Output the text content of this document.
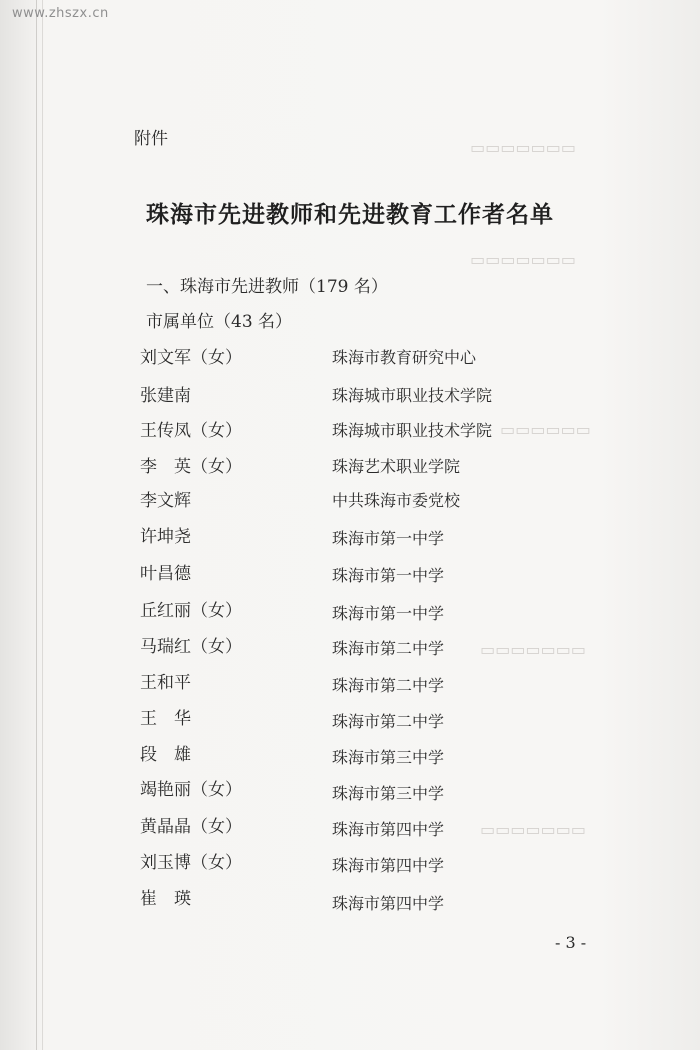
▭▭▭▭▭▭▭
▭▭▭▭▭▭▭
▭▭▭▭▭▭
▭▭▭▭▭▭▭
▭▭▭▭▭▭▭
www.zhszx.cn
附件
珠海市先进教师和先进教育工作者名单
一、珠海市先进教师（179 名）
市属单位（43 名）
刘文军（女）	珠海市教育研究中心
张建南	珠海城市职业技术学院
王传凤（女）	珠海城市职业技术学院
李　英（女）	珠海艺术职业学院
李文辉	中共珠海市委党校
许坤尧	珠海市第一中学
叶昌德	珠海市第一中学
丘红丽（女）	珠海市第一中学
马瑞红（女）	珠海市第二中学
王和平	珠海市第二中学
王　华	珠海市第二中学
段　雄	珠海市第三中学
竭艳丽（女）	珠海市第三中学
黄晶晶（女）	珠海市第四中学
刘玉博（女）	珠海市第四中学
崔　瑛	珠海市第四中学
- 3 -
